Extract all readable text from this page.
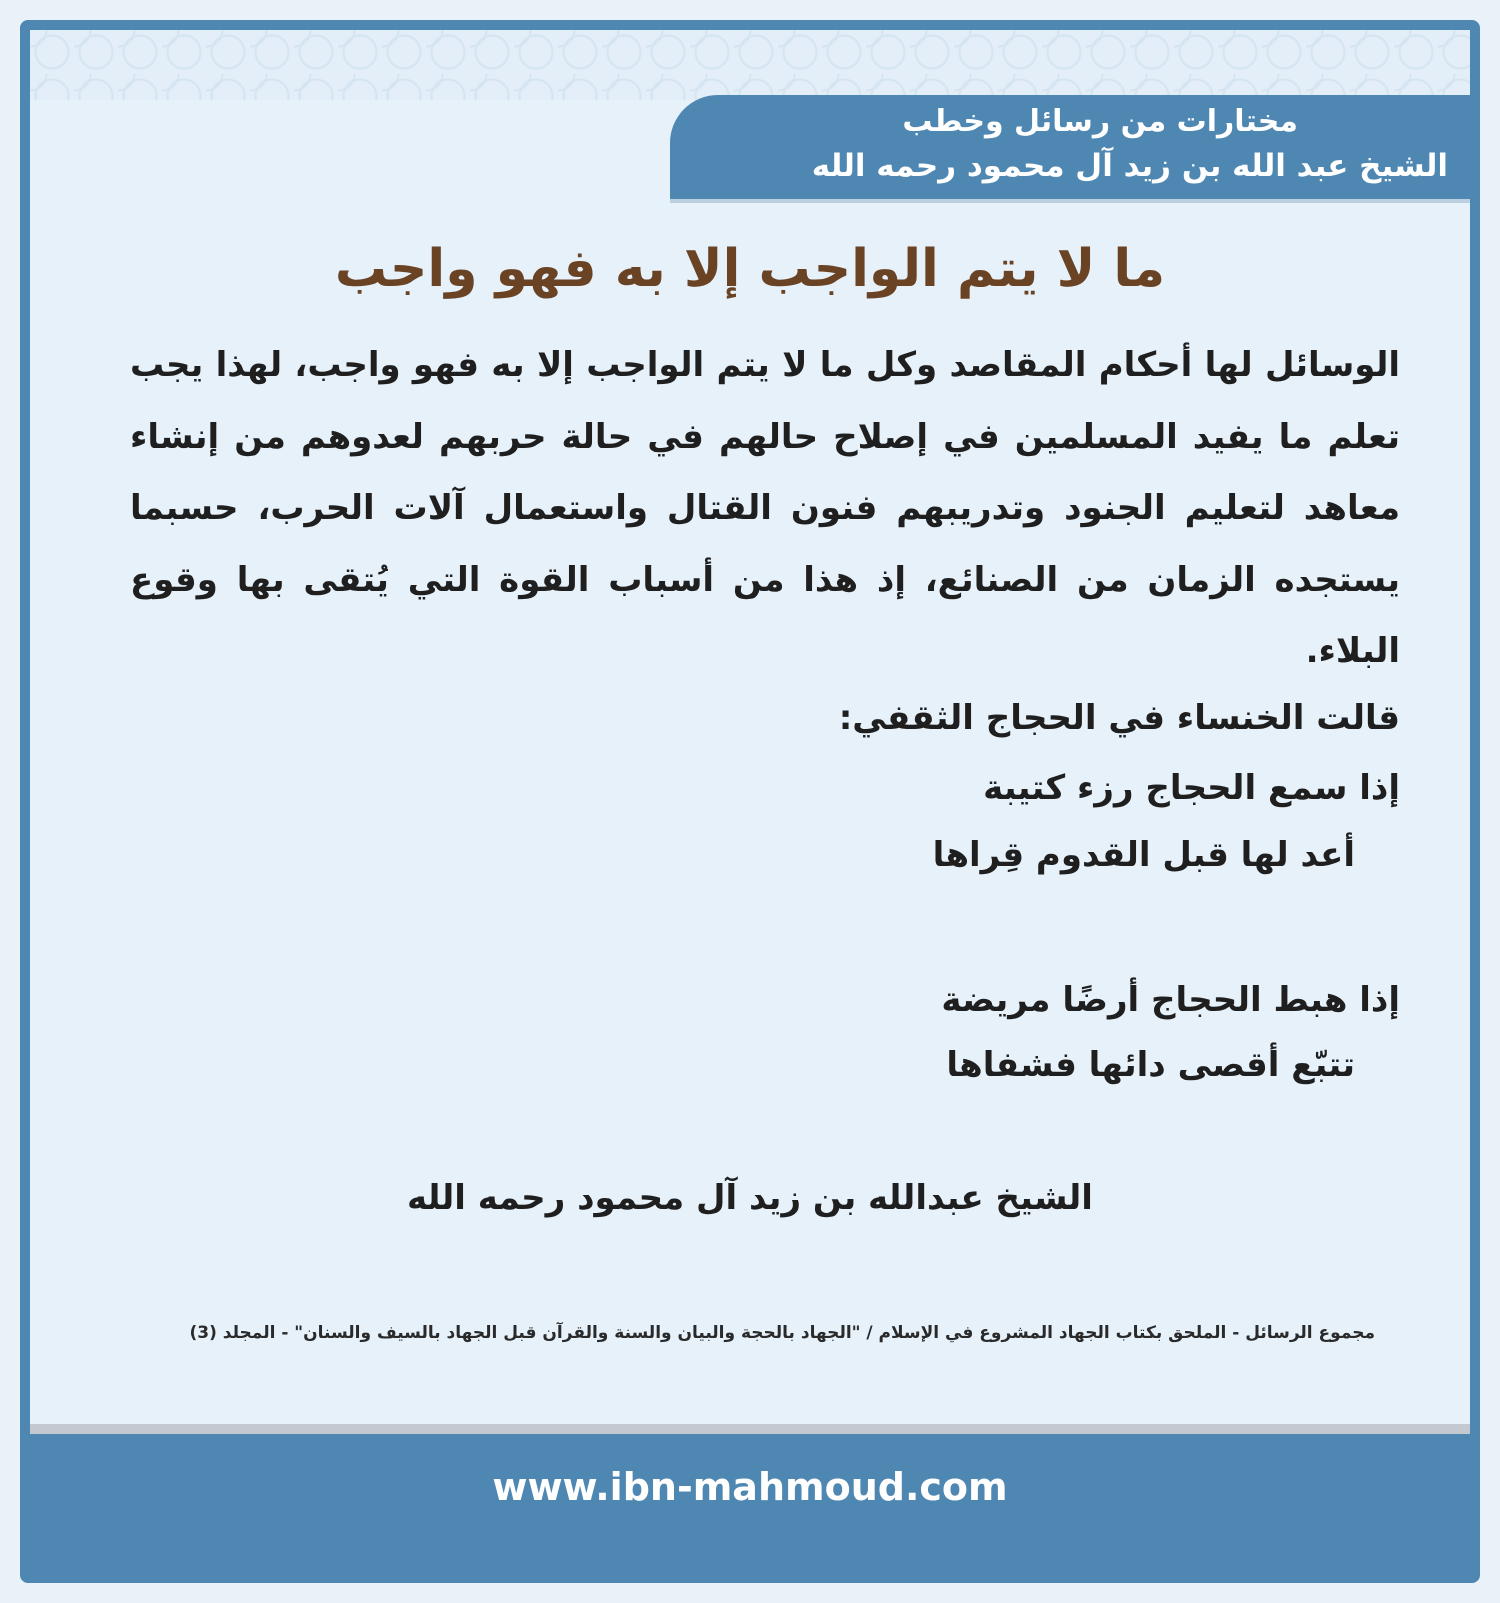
مختارات من رسائل وخطب
الشيخ عبد الله بن زيد آل محمود رحمه الله
ما لا يتم الواجب إلا به فهو واجب
الوسائل لها أحكام المقاصد وكل ما لا يتم الواجب إلا به فهو واجب، لهذا يجب تعلم ما يفيد المسلمين في إصلاح حالهم في حالة حربهم لعدوهم من إنشاء معاهد لتعليم الجنود وتدريبهم فنون القتال واستعمال آلات الحرب، حسبما يستجده الزمان من الصنائع، إذ هذا من أسباب القوة التي يُتقى بها وقوع البلاء.
قالت الخنساء في الحجاج الثقفي:
إذا سمع الحجاج رزء كتيبة
أعد لها قبل القدوم قِراها
إذا هبط الحجاج أرضًا مريضة
تتبّع أقصى دائها فشفاها
الشيخ عبدالله بن زيد آل محمود رحمه الله
مجموع الرسائل - الملحق بكتاب الجهاد المشروع في الإسلام / "الجهاد بالحجة والبيان والسنة والقرآن قبل الجهاد بالسيف والسنان" - المجلد (3)
www.ibn-mahmoud.com
